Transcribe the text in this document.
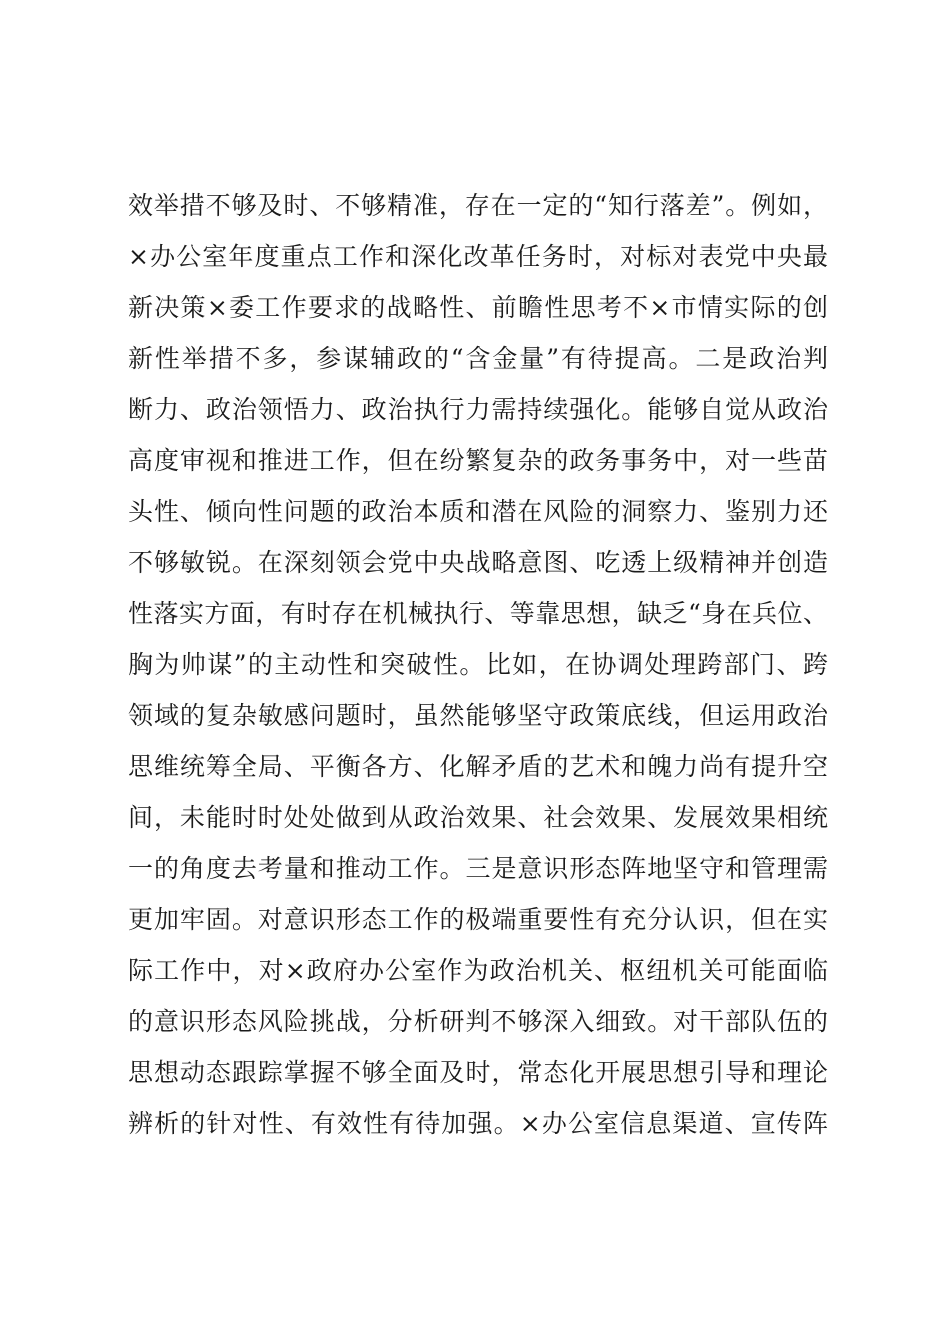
效举措不够及时、不够精准，存在一定的“知行落差”。例如，
×办公室年度重点工作和深化改革任务时，对标对表党中央最
新决策×委工作要求的战略性、前瞻性思考不×市情实际的创
新性举措不多，参谋辅政的“含金量”有待提高。二是政治判
断力、政治领悟力、政治执行力需持续强化。能够自觉从政治
高度审视和推进工作，但在纷繁复杂的政务事务中，对一些苗
头性、倾向性问题的政治本质和潜在风险的洞察力、鉴别力还
不够敏锐。在深刻领会党中央战略意图、吃透上级精神并创造
性落实方面，有时存在机械执行、等靠思想，缺乏“身在兵位、
胸为帅谋”的主动性和突破性。比如，在协调处理跨部门、跨
领域的复杂敏感问题时，虽然能够坚守政策底线，但运用政治
思维统筹全局、平衡各方、化解矛盾的艺术和魄力尚有提升空
间，未能时时处处做到从政治效果、社会效果、发展效果相统
一的角度去考量和推动工作。三是意识形态阵地坚守和管理需
更加牢固。对意识形态工作的极端重要性有充分认识，但在实
际工作中，对×政府办公室作为政治机关、枢纽机关可能面临
的意识形态风险挑战，分析研判不够深入细致。对干部队伍的
思想动态跟踪掌握不够全面及时，常态化开展思想引导和理论
辨析的针对性、有效性有待加强。×办公室信息渠道、宣传阵
